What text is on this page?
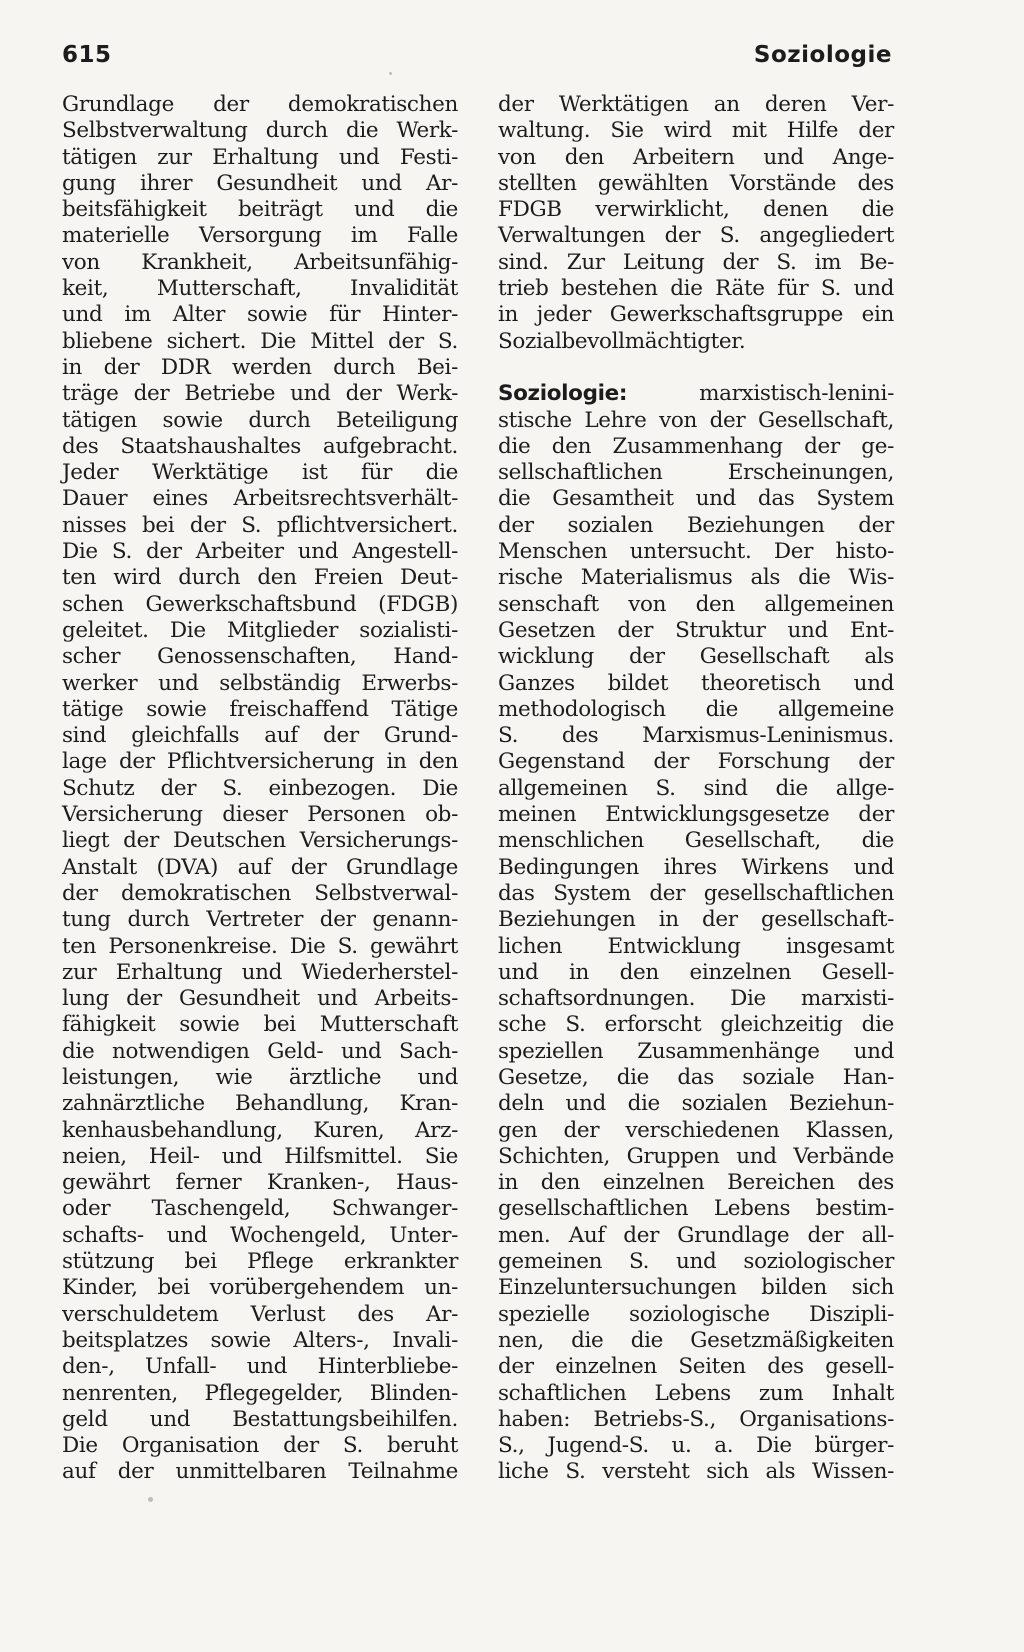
615	Soziologie
Grundlage der demokratischen
Selbstverwaltung durch die Werk-
tätigen zur Erhaltung und Festi-
gung ihrer Gesundheit und Ar-
beitsfähigkeit beiträgt und die
materielle Versorgung im Falle
von Krankheit, Arbeitsunfähig-
keit, Mutterschaft, Invalidität
und im Alter sowie für Hinter-
bliebene sichert. Die Mittel der S.
in der DDR werden durch Bei-
träge der Betriebe und der Werk-
tätigen sowie durch Beteiligung
des Staatshaushaltes aufgebracht.
Jeder Werktätige ist für die
Dauer eines Arbeitsrechtsverhält-
nisses bei der S. pflichtversichert.
Die S. der Arbeiter und Angestell-
ten wird durch den Freien Deut-
schen Gewerkschaftsbund (FDGB)
geleitet. Die Mitglieder sozialisti-
scher Genossenschaften, Hand-
werker und selbständig Erwerbs-
tätige sowie freischaffend Tätige
sind gleichfalls auf der Grund-
lage der Pflichtversicherung in den
Schutz der S. einbezogen. Die
Versicherung dieser Personen ob-
liegt der Deutschen Versicherungs-
Anstalt (DVA) auf der Grundlage
der demokratischen Selbstverwal-
tung durch Vertreter der genann-
ten Personenkreise. Die S. gewährt
zur Erhaltung und Wiederherstel-
lung der Gesundheit und Arbeits-
fähigkeit sowie bei Mutterschaft
die notwendigen Geld- und Sach-
leistungen, wie ärztliche und
zahnärztliche Behandlung, Kran-
kenhausbehandlung, Kuren, Arz-
neien, Heil- und Hilfsmittel. Sie
gewährt ferner Kranken-, Haus-
oder Taschengeld, Schwanger-
schafts- und Wochengeld, Unter-
stützung bei Pflege erkrankter
Kinder, bei vorübergehendem un-
verschuldetem Verlust des Ar-
beitsplatzes sowie Alters-, Invali-
den-, Unfall- und Hinterbliebe-
nenrenten, Pflegegelder, Blinden-
geld und Bestattungsbeihilfen.
Die Organisation der S. beruht
auf der unmittelbaren Teilnahme
der Werktätigen an deren Ver-
waltung. Sie wird mit Hilfe der
von den Arbeitern und Ange-
stellten gewählten Vorstände des
FDGB verwirklicht, denen die
Verwaltungen der S. angegliedert
sind. Zur Leitung der S. im Be-
trieb bestehen die Räte für S. und
in jeder Gewerkschaftsgruppe ein
Sozialbevollmächtigter.
Soziologie:	marxistisch-lenini-
stische Lehre von der Gesellschaft,
die den Zusammenhang der ge-
sellschaftlichen Erscheinungen,
die Gesamtheit und das System
der sozialen Beziehungen der
Menschen untersucht. Der histo-
rische Materialismus als die Wis-
senschaft von den allgemeinen
Gesetzen der Struktur und Ent-
wicklung der Gesellschaft als
Ganzes bildet theoretisch und
methodologisch die allgemeine
S. des Marxismus-Leninismus.
Gegenstand der Forschung der
allgemeinen S. sind die allge-
meinen Entwicklungsgesetze der
menschlichen Gesellschaft, die
Bedingungen ihres Wirkens und
das System der gesellschaftlichen
Beziehungen in der gesellschaft-
lichen Entwicklung insgesamt
und in den einzelnen Gesell-
schaftsordnungen. Die marxisti-
sche S. erforscht gleichzeitig die
speziellen Zusammenhänge und
Gesetze, die das soziale Han-
deln und die sozialen Beziehun-
gen der verschiedenen Klassen,
Schichten, Gruppen und Verbände
in den einzelnen Bereichen des
gesellschaftlichen Lebens bestim-
men. Auf der Grundlage der all-
gemeinen S. und soziologischer
Einzeluntersuchungen bilden sich
spezielle soziologische Diszipli-
nen, die die Gesetzmäßigkeiten
der einzelnen Seiten des gesell-
schaftlichen Lebens zum Inhalt
haben: Betriebs-S., Organisations-
S., Jugend-S. u. a. Die bürger-
liche S. versteht sich als Wissen-
